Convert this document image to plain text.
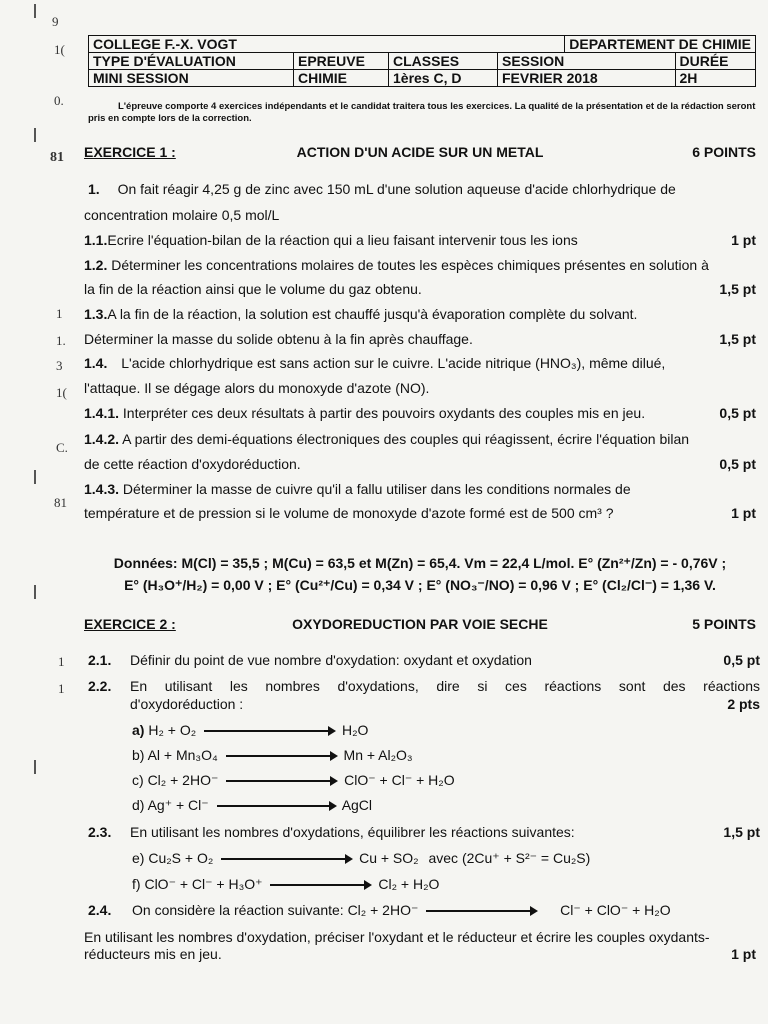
9
1(
0.
81
1
1.
3
1(
C.
81
1
1
COLLEGE F.-X. VOGT				DEPARTEMENT DE CHIMIE	
TYPE D'ÉVALUATION	EPREUVE	CLASSES	SESSION		DURÉE
MINI SESSION	CHIMIE	1ères C, D	FEVRIER 2018		2H
L'épreuve comporte 4 exercices indépendants et le candidat traitera tous les exercices. La qualité de la présentation et de la rédaction seront pris en compte lors de la correction.
EXERCICE 1 :	ACTION D'UN ACIDE SUR UN METAL	6 POINTS
1. On fait réagir 4,25 g de zinc avec 150 mL d'une solution aqueuse d'acide chlorhydrique de
concentration molaire 0,5 mol/L
1.1.Ecrire l'équation-bilan de la réaction qui a lieu faisant intervenir tous les ions	1 pt
1.2. Déterminer les concentrations molaires de toutes les espèces chimiques présentes en solution à
la fin de la réaction ainsi que le volume du gaz obtenu.	1,5 pt
1.3.A la fin de la réaction, la solution est chauffé jusqu'à évaporation complète du solvant.
Déterminer la masse du solide obtenu à la fin après chauffage.	1,5 pt
1.4. L'acide chlorhydrique est sans action sur le cuivre. L'acide nitrique (HNO₃), même dilué,
l'attaque. Il se dégage alors du monoxyde d'azote (NO).
1.4.1. Interpréter ces deux résultats à partir des pouvoirs oxydants des couples mis en jeu.	0,5 pt
1.4.2. A partir des demi-équations électroniques des couples qui réagissent, écrire l'équation bilan
de cette réaction d'oxydoréduction.	0,5 pt
1.4.3. Déterminer la masse de cuivre qu'il a fallu utiliser dans les conditions normales de
température et de pression si le volume de monoxyde d'azote formé est de 500 cm³ ?	1 pt
Données: M(Cl) = 35,5 ; M(Cu) = 63,5 et M(Zn) = 65,4. Vm = 22,4 L/mol. E° (Zn²⁺/Zn) = - 0,76V ;
E° (H₃O⁺/H₂) = 0,00 V ; E° (Cu²⁺/Cu) = 0,34 V ; E° (NO₃⁻/NO) = 0,96 V ; E° (Cl₂/Cl⁻) = 1,36 V.
EXERCICE 2 :	OXYDOREDUCTION PAR VOIE SECHE	5 POINTS
2.1. Définir du point de vue nombre d'oxydation: oxydant et oxydation	0,5 pt
2.2. En utilisant les nombres d'oxydations, dire si ces réactions sont des réactions
d'oxydoréduction :	2 pts
a) H₂ + O₂	H₂O
b) Al + Mn₃O₄	Mn + Al₂O₃
c) Cl₂ + 2HO⁻	ClO⁻ + Cl⁻ + H₂O
d) Ag⁺ + Cl⁻	AgCl
2.3. En utilisant les nombres d'oxydations, équilibrer les réactions suivantes:	1,5 pt
e) Cu₂S + O₂	Cu + SO₂ avec (2Cu⁺ + S²⁻ = Cu₂S)
f) ClO⁻ + Cl⁻ + H₃O⁺	Cl₂ + H₂O
2.4. On considère la réaction suivante: Cl₂ + 2HO⁻	Cl⁻ + ClO⁻ + H₂O
En utilisant les nombres d'oxydation, préciser l'oxydant et le réducteur et écrire les couples oxydants-
réducteurs mis en jeu.	1 pt
